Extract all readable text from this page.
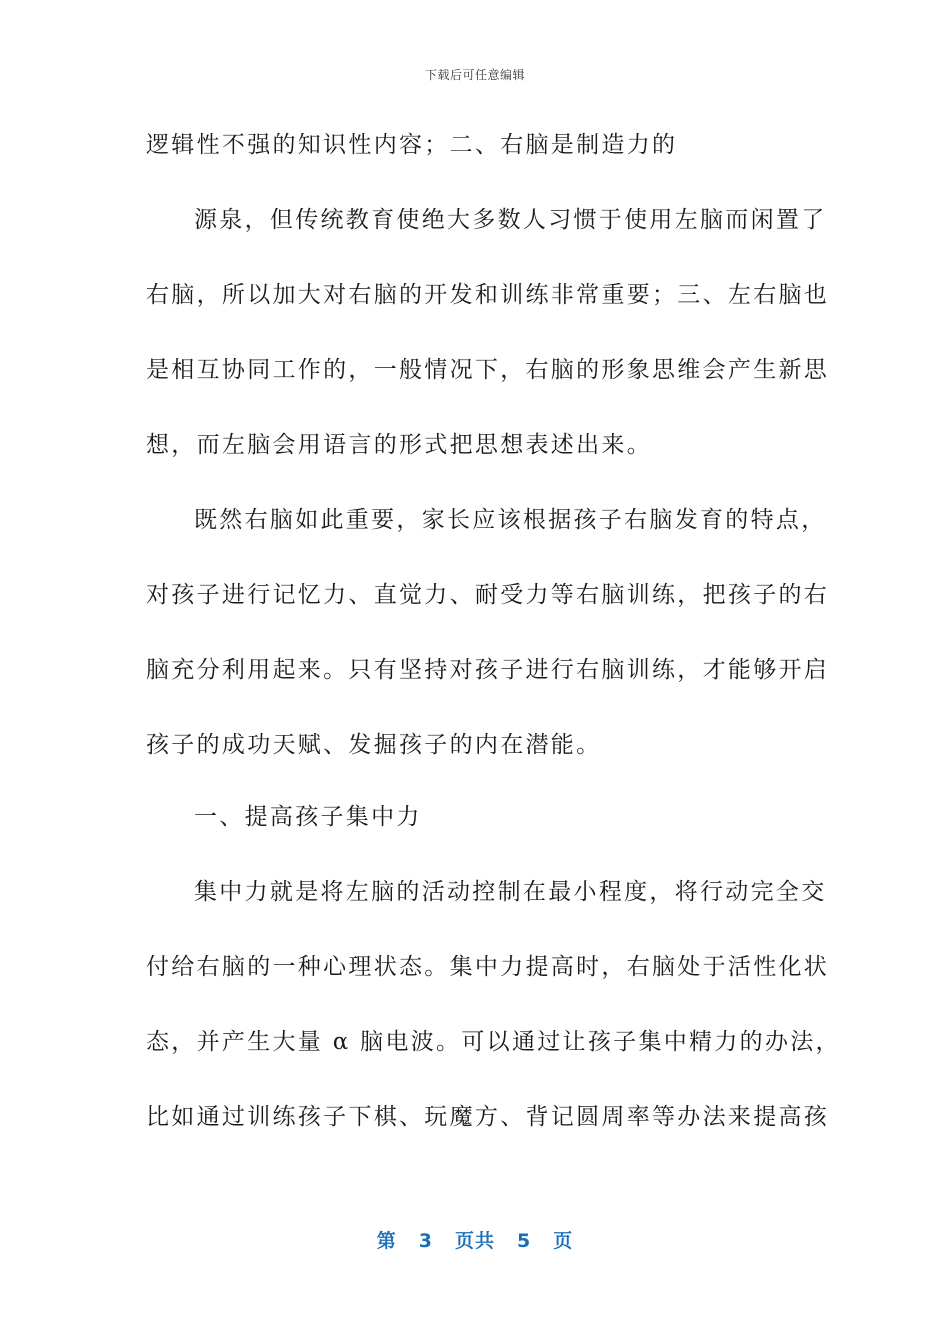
下载后可任意编辑
逻辑性不强的知识性内容；二、右脑是制造力的
源泉，但传统教育使绝大多数人习惯于使用左脑而闲置了
右脑，所以加大对右脑的开发和训练非常重要；三、左右脑也
是相互协同工作的，一般情况下，右脑的形象思维会产生新思
想，而左脑会用语言的形式把思想表述出来。
既然右脑如此重要，家长应该根据孩子右脑发育的特点，
对孩子进行记忆力、直觉力、耐受力等右脑训练，把孩子的右
脑充分利用起来。只有坚持对孩子进行右脑训练，才能够开启
孩子的成功天赋、发掘孩子的内在潜能。
一、提高孩子集中力
集中力就是将左脑的活动控制在最小程度，将行动完全交
付给右脑的一种心理状态。集中力提高时，右脑处于活性化状
态，并产生大量 α 脑电波。可以通过让孩子集中精力的办法，
比如通过训练孩子下棋、玩魔方、背记圆周率等办法来提高孩
第 3 页共 5 页
